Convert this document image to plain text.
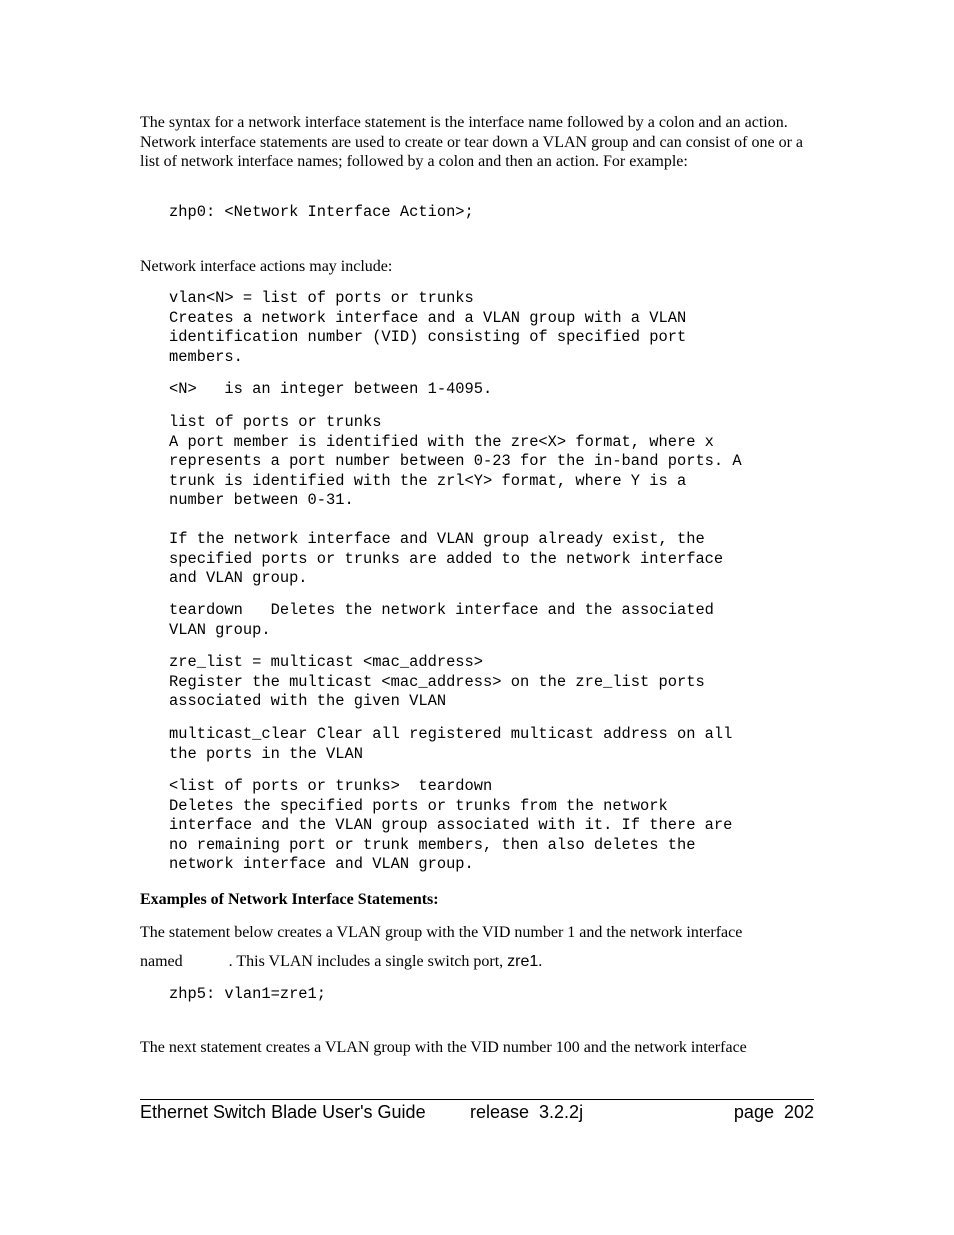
The syntax for a network interface statement is the interface name followed by a colon and an action. Network interface statements are used to create or tear down a VLAN group and can consist of one or a list of network interface names; followed by a colon and then an action. For example:

zhp0: <Network Interface Action>;

Network interface actions may include:

vlan<N> = list of ports or trunks
Creates a network interface and a VLAN group with a VLAN
identification number (VID) consisting of specified port
members.
<N>   is an integer between 1-4095.
list of ports or trunks
A port member is identified with the zre<X> format, where x
represents a port number between 0-23 for the in-band ports. A
trunk is identified with the zrl<Y> format, where Y is a
number between 0-31.

If the network interface and VLAN group already exist, the
specified ports or trunks are added to the network interface
and VLAN group.
teardown   Deletes the network interface and the associated
VLAN group.
zre_list = multicast <mac_address>
Register the multicast <mac_address> on the zre_list ports
associated with the given VLAN
multicast_clear Clear all registered multicast address on all
the ports in the VLAN
<list of ports or trunks>  teardown
Deletes the specified ports or trunks from the network
interface and the VLAN group associated with it. If there are
no remaining port or trunk members, then also deletes the
network interface and VLAN group.

Examples of Network Interface Statements:

The statement below creates a VLAN group with the VID number 1 and the network interface

named	. This VLAN includes a single switch port, zre1.

zhp5: vlan1=zre1;

The next statement creates a VLAN group with the VID number 100 and the network interface

Ethernet Switch Blade User's Guide release  3.2.2j	page  202
